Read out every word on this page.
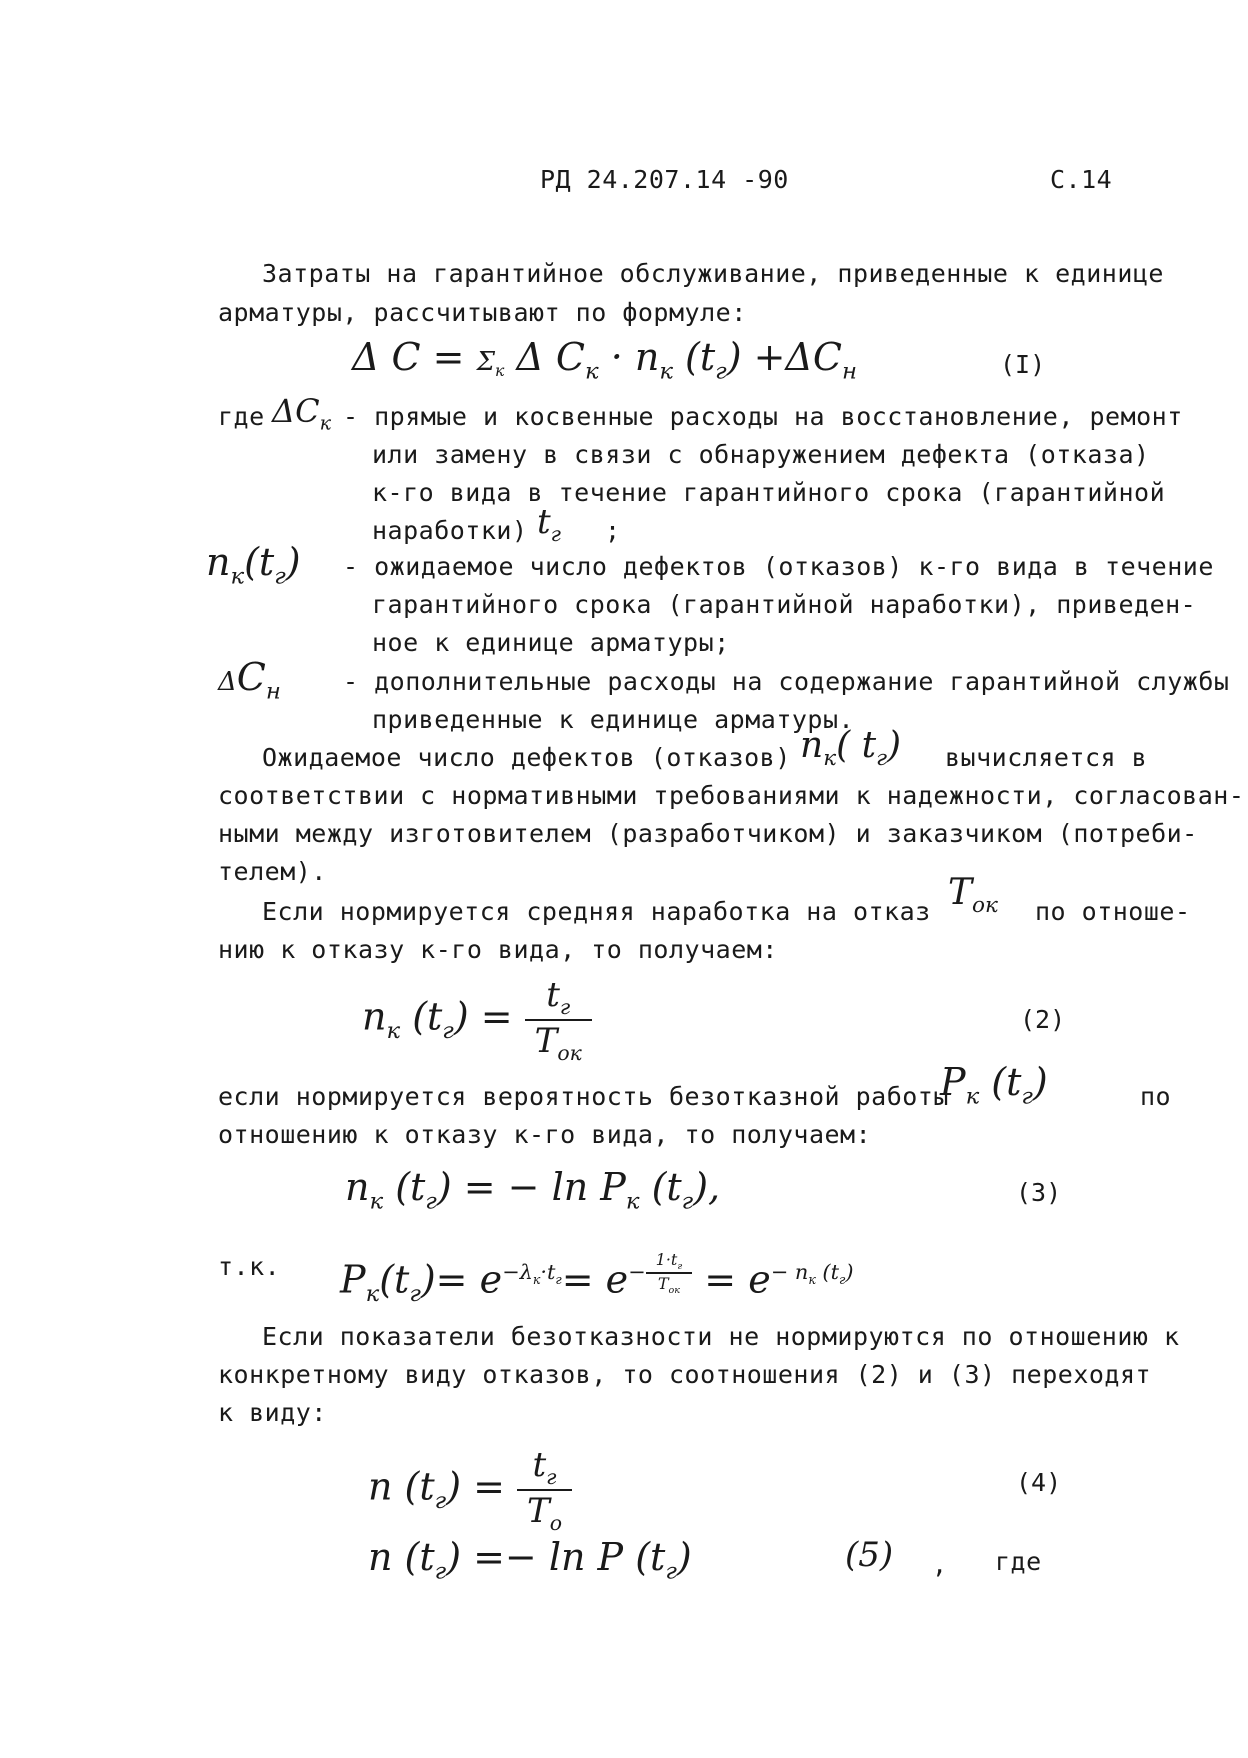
РД 24.207.14 -90	С.14
Затраты на гарантийное обслуживание, приведенные к единице
арматуры, рассчитывают по формуле:
Δ $C = \Sigma_к$ Δ $C_к \cdot n_к$ $(t_г) +\Delta C_н$	(I)
где $\Delta C_к$ - прямые и косвенные расходы на восстановление, ремонт
или замену в связи с обнаружением дефекта (отказа)
к-го вида в течение гарантийного срока (гарантийной
наработки) $t_г$ ;
$n_к(t_г)$ - ожидаемое число дефектов (отказов) к-го вида в течение
гарантийного срока (гарантийной наработки), приведен-
ное к единице арматуры;
$\Delta C_н$ - дополнительные расходы на содержание гарантийной службы
приведенные к единице арматуры.
Ожидаемое число дефектов (отказов) $n_к$( $t_г$) вычисляется в
соответствии с нормативными требованиями к надежности, согласован-
ными между изготовителем (разработчиком) и заказчиком (потреби-
телем).
Если нормируется средняя наработка на отказ $T_{ок}$ по отноше-
нию к отказу к-го вида, то получаем:
$n_к$ $(t_г) = \frac{t_г}{T_{ок}}$	(2)
если нормируется вероятность безотказной работы
$P_к$ $(t_г)$	по
отношению к отказу к-го вида, то получаем:
$n_к$ $(t_г)$ = − $\ln P_к$ $(t_г)$,	(3)
т.к. $P_к(t_г)= e^{-\lambda_к\cdot t_г}= e^{- \frac{1\cdot t_г}{T_{ок}}} = e^{- n_к (t_г)}$
Если показатели безотказности не нормируются по отношению к
конкретному виду отказов, то соотношения (2) и (3) переходят
к виду:
n $(t_г) = \frac{t_г}{T_о}$	(4)
n $(t_г) =- \ln P$ $(t_г)$	(5) , где
